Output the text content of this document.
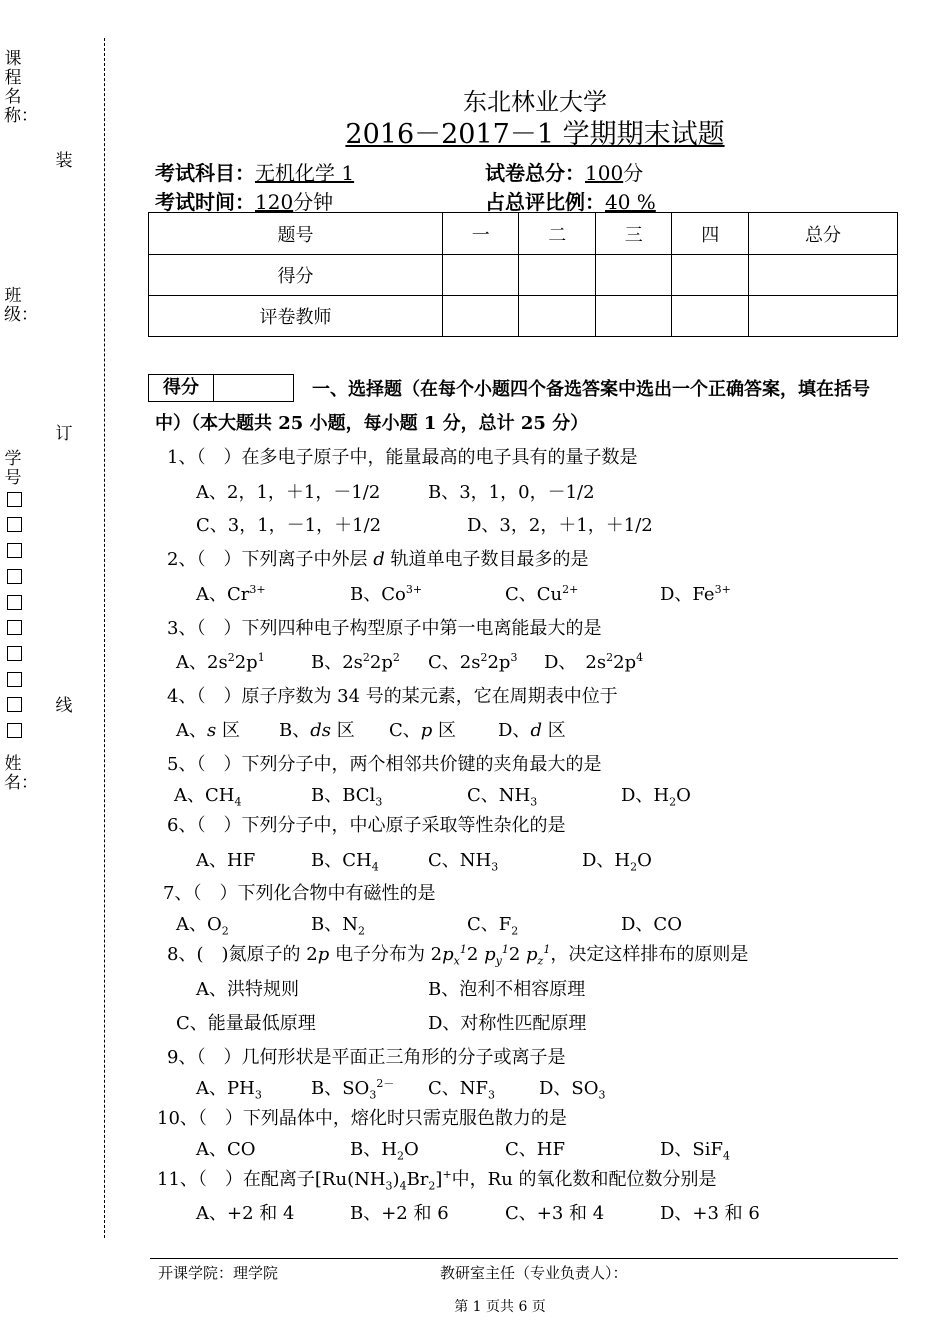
课程名称：
装
班级：
订
学号
线
姓名：
东北林业大学
2016－2017－1 学期期末试题
考试科目：无机化学 1	试卷总分：100分
考试时间：120分钟	占总评比例：40 %
题号	一	二	三	四	总分
得分					
评卷教师					
得分	一、选择题（在每个小题四个备选答案中选出一个正确答案，填在括号
中）（本大题共 25 小题，每小题 1 分，总计 25 分）
1、（　）在多电子原子中，能量最高的电子具有的量子数是
A、2，1，＋1，－1/2	B、3，1，0，－1/2
C、3，1，－1，＋1/2	D、3，2，＋1，＋1/2
2、（　）下列离子中外层 d 轨道单电子数目最多的是
A、$Cr^{3+}$	B、$Co^{3+}$	C、$Cu^{2+}$	D、$Fe^{3+}$
3、（　）下列四种电子构型原子中第一电离能最大的是
A、$2s^22p^1$	B、$2s^22p^2$ C、$2s^22p^3$ D、　$2s^22p^4$
4、（　）原子序数为 34 号的某元素，它在周期表中位于
A、s 区 B、ds 区 C、p 区 D、d 区
5、（　）下列分子中，两个相邻共价键的夹角最大的是
A、$CH_4$	B、BCl$_3$	C、$NH_3$	D、$H_2O$
6、（　）下列分子中，中心原子采取等性杂化的是
A、HF	B、$CH_4$	C、$NH_3$	D、$H_2O$
7、（　）下列化合物中有磁性的是
A、$O_2$	B、$N_2$	C、$F_2$	D、CO
8、(　)氮原子的 2p 电子分布为 $2p_x^12$ $p_y^12$ $p_z^1$，决定这样排布的原则是
A、洪特规则	B、泡利不相容原理
C、能量最低原理	D、对称性匹配原理
9、（　）几何形状是平面正三角形的分子或离子是
A、$PH_3$	B、$SO_3^{2-}$ C、$NF_3$ D、$SO_3$
10、（　）下列晶体中，熔化时只需克服色散力的是
A、CO	B、$H_2O$	C、HF	D、SiF$_4$
11、（　）在配离子$[Ru(NH_3)_4Br_2]^+$中，Ru 的氧化数和配位数分别是
A、+2 和 4	B、+2 和 6	C、+3 和 4	D、+3 和 6
开课学院：理学院	教研室主任（专业负责人）：
第 1 页共 6 页
